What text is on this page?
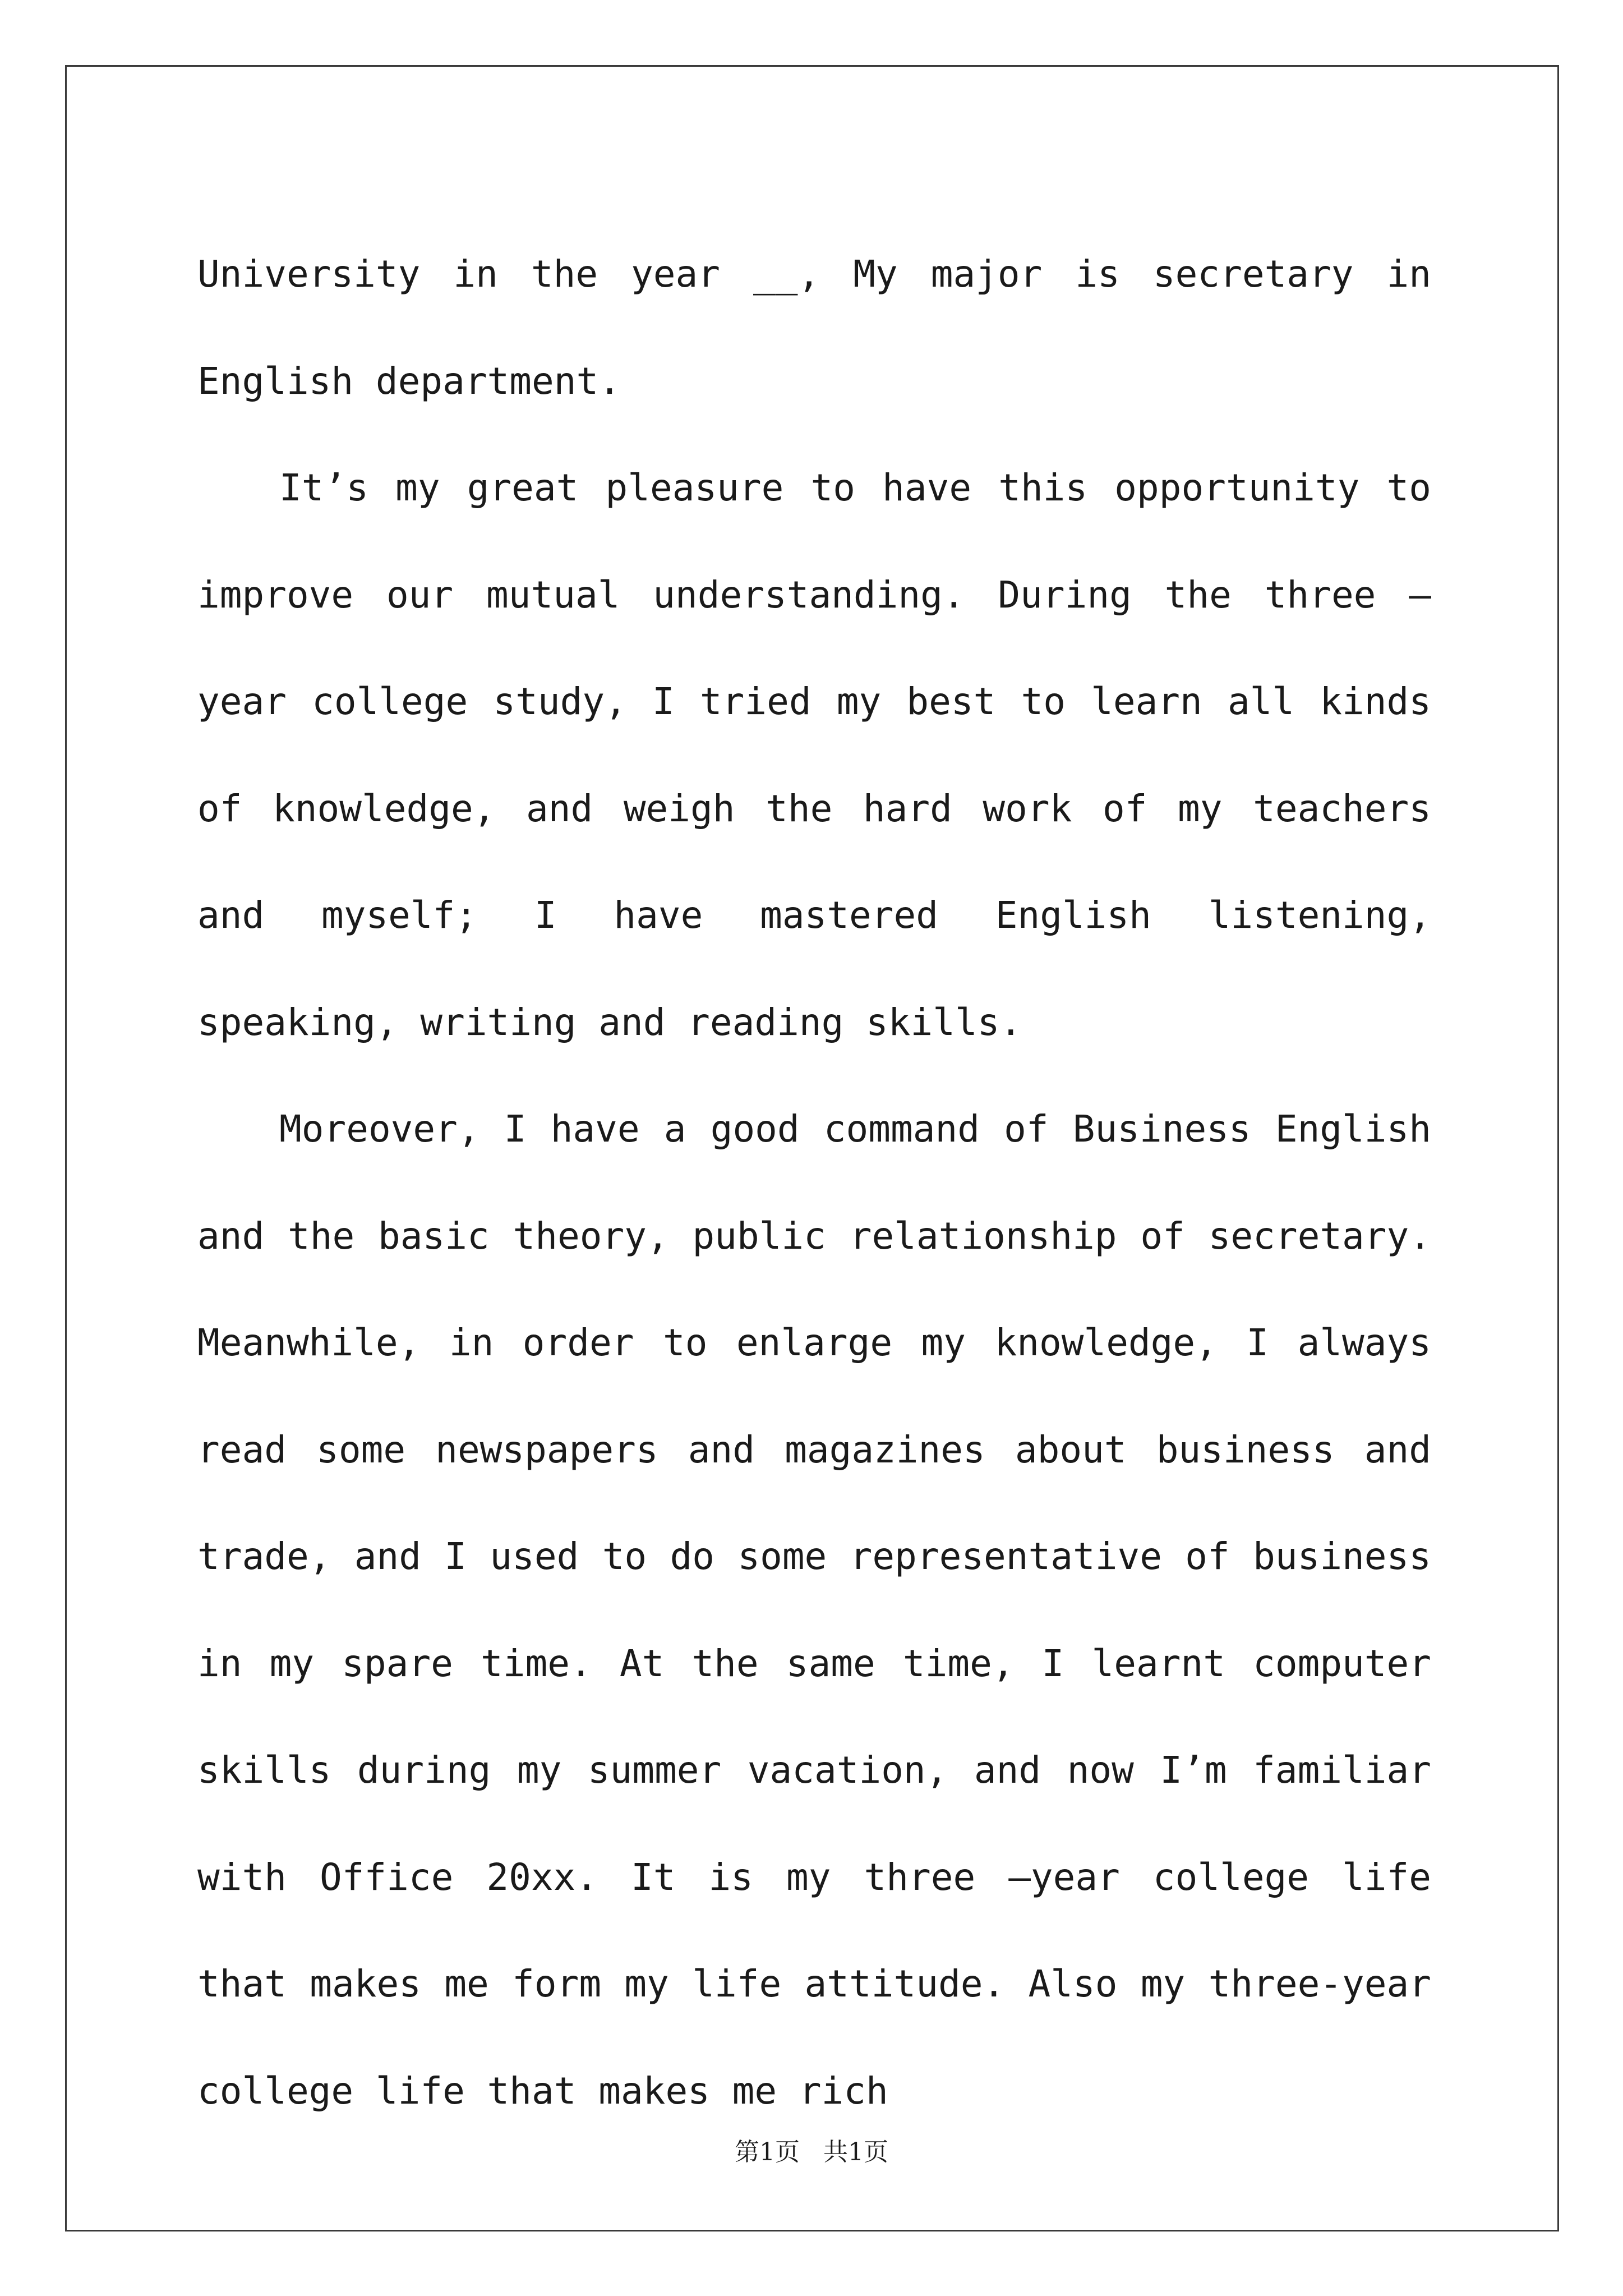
University in the year __, My major is secretary in English department.

It’s my great pleasure to have this opportunity to improve our mutual understanding. During the three –year college study, I tried my best to learn all kinds of knowledge, and weigh the hard work of my teachers and myself; I have mastered English listening, speaking, writing and reading skills.

Moreover, I have a good command of Business English and the basic theory, public relationship of secretary. Meanwhile, in order to enlarge my knowledge, I always read some newspapers and magazines about business and trade, and I used to do some representative of business in my spare time. At the same time, I learnt computer skills during my summer vacation, and now I’m familiar with Office 20xx. It is my three –year college life that makes me form my life attitude. Also my three-year college life that makes me rich

第1页   共1页
